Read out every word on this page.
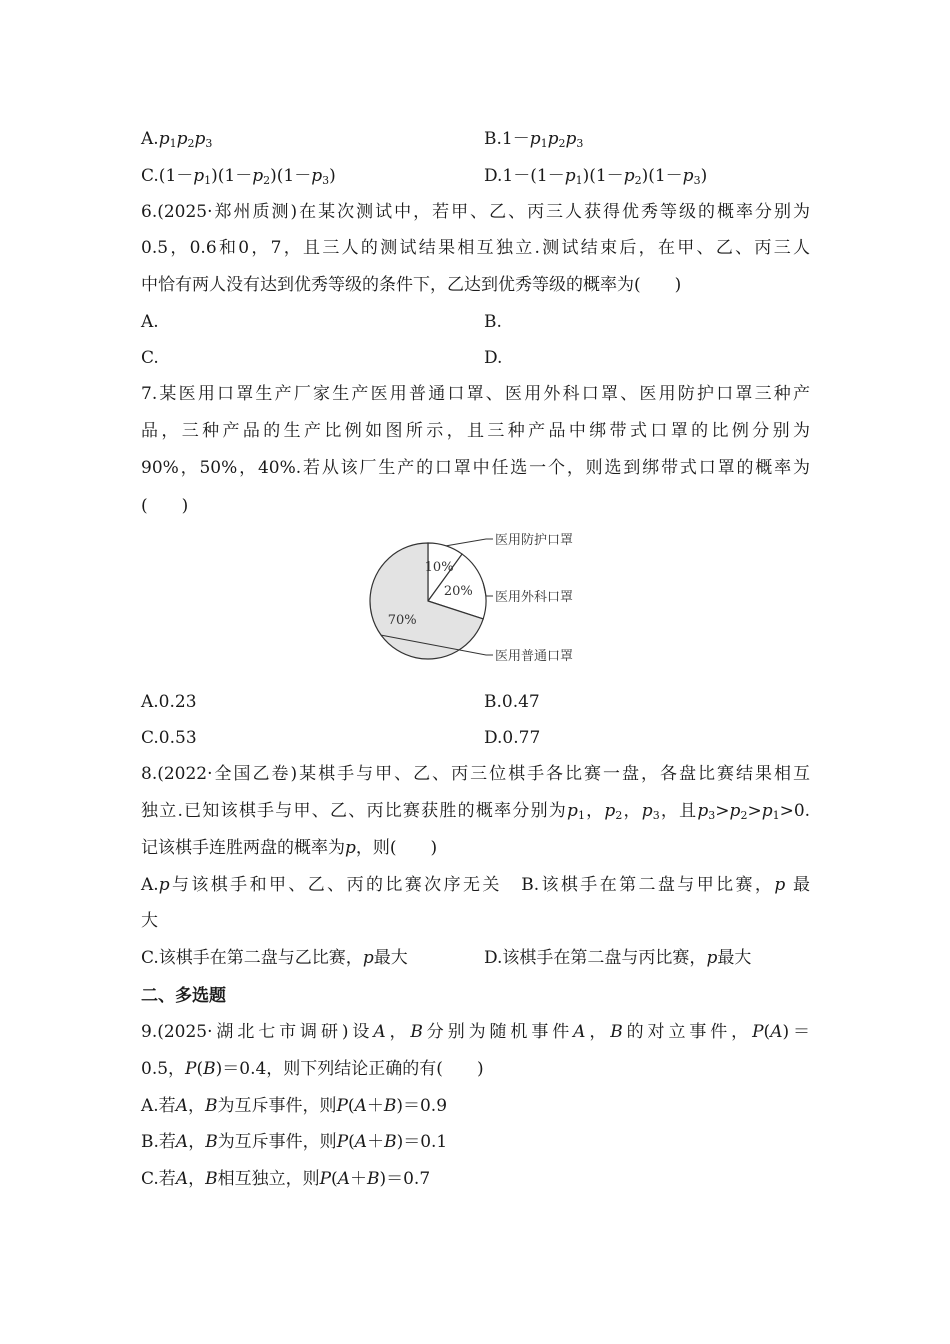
$A.p_1p_2p_3$	$B.1-p_1p_2p_3$
$C.(1-p_1)(1-p_2)(1-p_3)$	$D.1-(1-p_1)(1-p_2)(1-p_3)$
6.(2025·郑州质测)在某次测试中，若甲、乙、丙三人获得优秀等级的概率分别为
0.5，0.6和0，7，且三人的测试结果相互独立.测试结束后，在甲、乙、丙三人
中恰有两人没有达到优秀等级的条件下，乙达到优秀等级的概率为(　　)
A.	B.
C.	D.
7.某医用口罩生产厂家生产医用普通口罩、医用外科口罩、医用防护口罩三种产
品，三种产品的生产比例如图所示，且三种产品中绑带式口罩的比例分别为
90%，50%，40%.若从该厂生产的口罩中任选一个，则选到绑带式口罩的概率为
(　　)
10%
医用防护口罩
20% 医用外科口罩
70%
医用普通口罩
A.0.23	B.0.47
C.0.53	D.0.77
8.(2022·全国乙卷)某棋手与甲、乙、丙三位棋手各比赛一盘，各盘比赛结果相互
独立.已知该棋手与甲、乙、丙比赛获胜的概率分别为$p_1$，$p_2$，$p_3$，且$p_3>p_2>p_1>0$.
记该棋手连胜两盘的概率为p，则(　　)
A.p与该棋手和甲、乙、丙的比赛次序无关　 B.该棋手在第二盘与甲比赛，p 最
大
C.该棋手在第二盘与乙比赛，p最大	D.该棋手在第二盘与丙比赛，p最大
二、多选题
9.(2025·湖北七市调研)设A，B分别为随机事件A，B的对立事件，P(A)＝
0.5，P(B)＝0.4，则下列结论正确的有(　　)
A.若A，B为互斥事件，则P(A＋B)＝0.9
B.若A，B为互斥事件，则P(A＋B)＝0.1
C.若A，B相互独立，则P(A＋B)＝0.7
